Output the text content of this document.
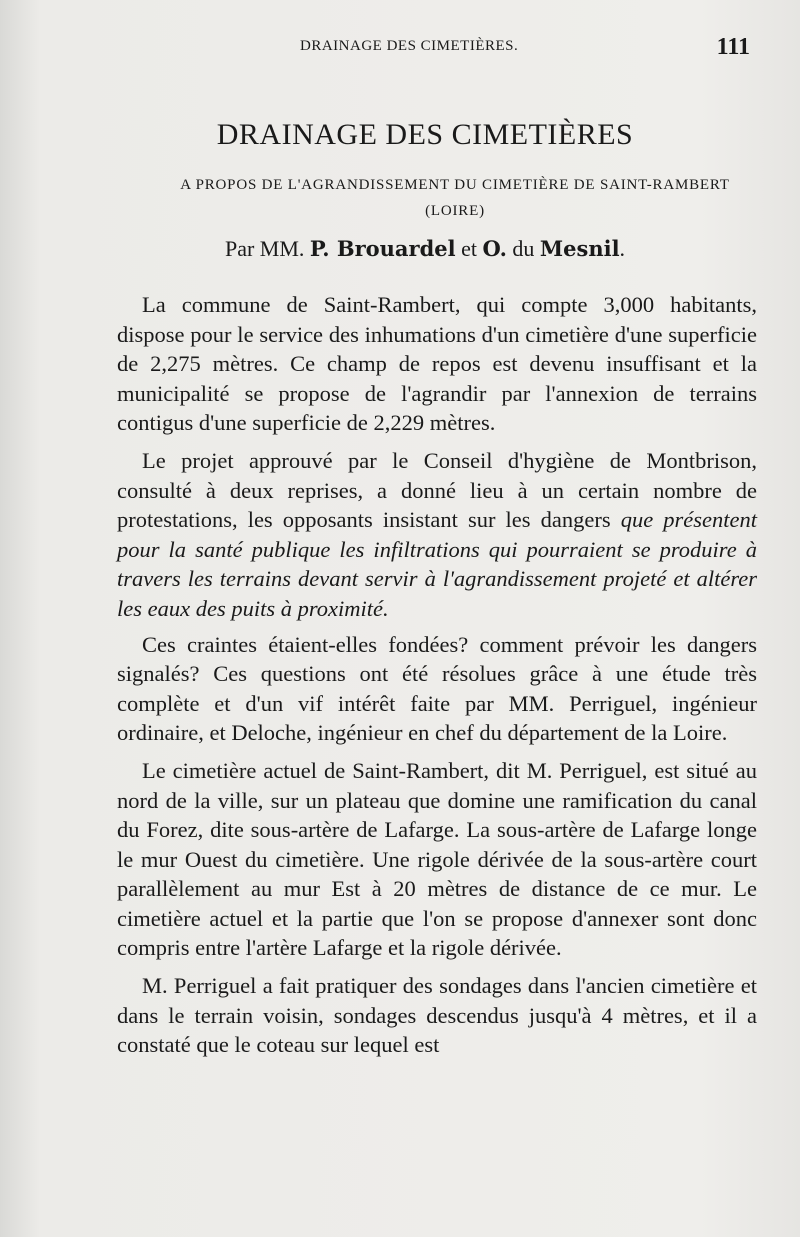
DRAINAGE DES CIMETIÈRES.	111
DRAINAGE DES CIMETIÈRES
A PROPOS DE L'AGRANDISSEMENT DU CIMETIÈRE DE SAINT-RAMBERT
(LOIRE)
Par MM. P. Brouardel et O. du Mesnil.

La commune de Saint-Rambert, qui compte 3,000 habitants, dispose pour le service des inhumations d'un cimetière d'une superficie de 2,275 mètres. Ce champ de repos est devenu insuffisant et la municipalité se propose de l'agrandir par l'annexion de terrains contigus d'une superficie de 2,229 mètres.

Le projet approuvé par le Conseil d'hygiène de Montbrison, consulté à deux reprises, a donné lieu à un certain nombre de protestations, les opposants insistant sur les dangers que présentent pour la santé publique les infiltrations qui pourraient se produire à travers les terrains devant servir à l'agrandissement projeté et altérer les eaux des puits à proximité.

Ces craintes étaient-elles fondées? comment prévoir les dangers signalés? Ces questions ont été résolues grâce à une étude très complète et d'un vif intérêt faite par MM. Perriguel, ingénieur ordinaire, et Deloche, ingénieur en chef du département de la Loire.

Le cimetière actuel de Saint-Rambert, dit M. Perriguel, est situé au nord de la ville, sur un plateau que domine une ramification du canal du Forez, dite sous-artère de Lafarge. La sous-artère de Lafarge longe le mur Ouest du cimetière. Une rigole dérivée de la sous-artère court parallèlement au mur Est à 20 mètres de distance de ce mur. Le cimetière actuel et la partie que l'on se propose d'annexer sont donc compris entre l'artère Lafarge et la rigole dérivée.

M. Perriguel a fait pratiquer des sondages dans l'ancien cimetière et dans le terrain voisin, sondages descendus jusqu'à 4 mètres, et il a constaté que le coteau sur lequel est
